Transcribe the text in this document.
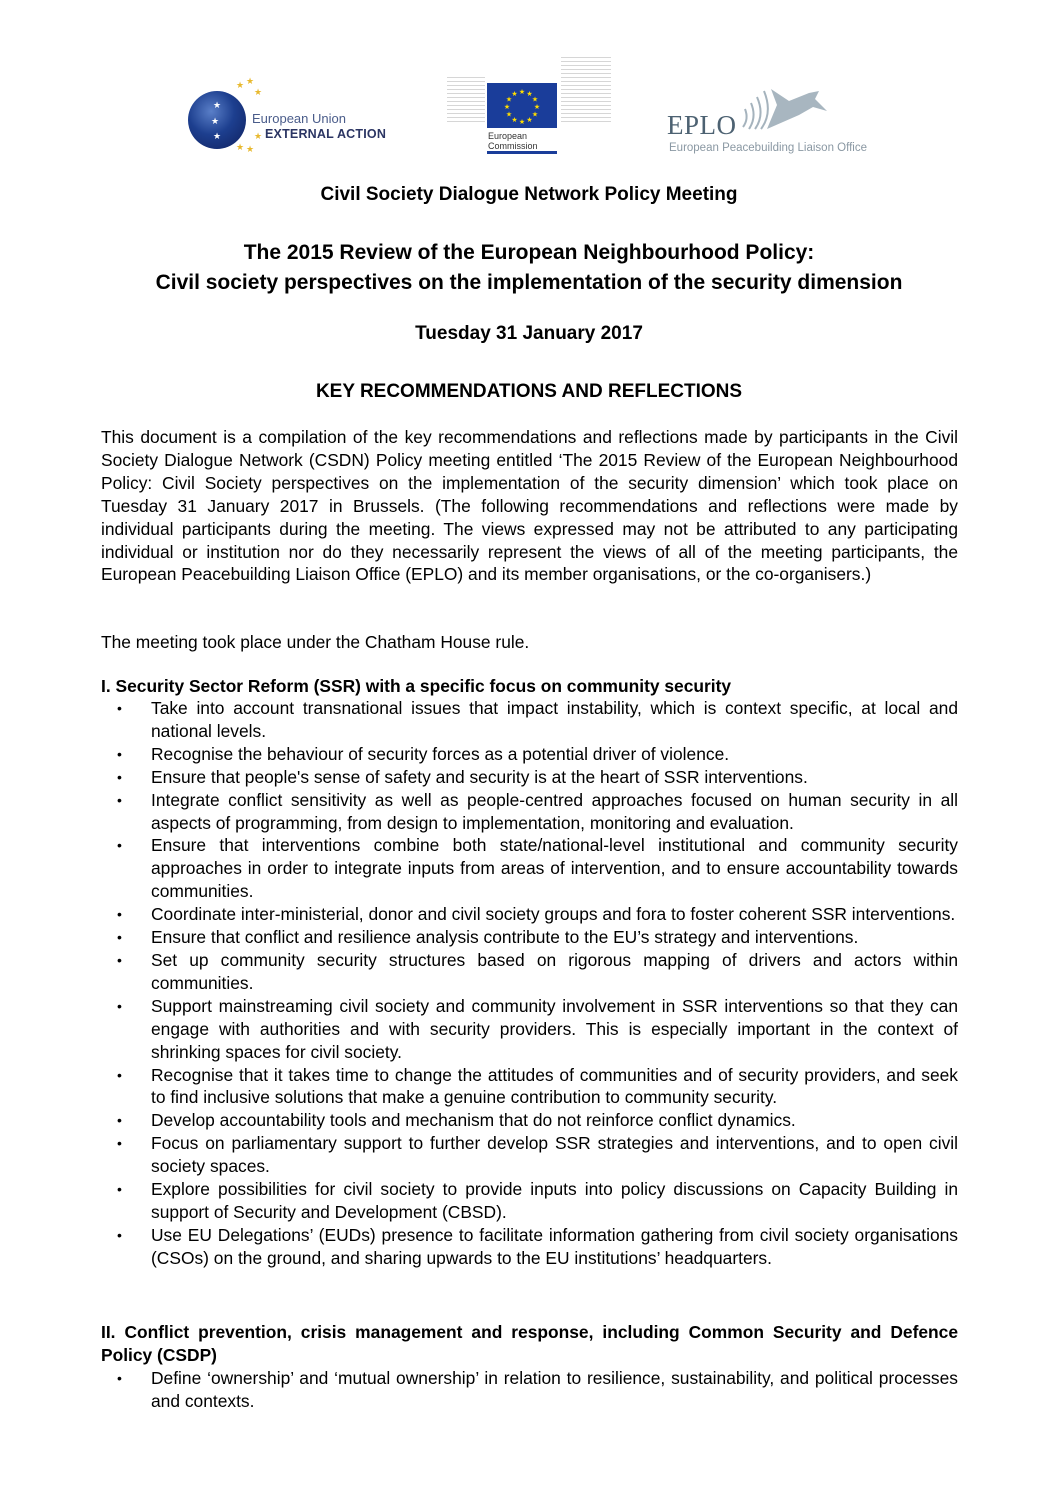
★ ★
★
★
★
★	★
★
★
European Union
EXTERNAL ACTION
★ ★
★
★
★
★
★
★
★
★
★
★
European
Commission
EPLO
European Peacebuilding Liaison Office
Civil Society Dialogue Network Policy Meeting
The 2015 Review of the European Neighbourhood Policy:
Civil society perspectives on the implementation of the security dimension
Tuesday 31 January 2017
KEY RECOMMENDATIONS AND REFLECTIONS

This document is a compilation of the key recommendations and reflections made by participants in the Civil Society Dialogue Network (CSDN) Policy meeting entitled ‘The 2015 Review of the European Neighbourhood Policy: Civil Society perspectives on the implementation of the security dimension’ which took place on Tuesday 31 January 2017 in Brussels. (The following recommendations and reflections were made by individual participants during the meeting. The views expressed may not be attributed to any participating individual or institution nor do they necessarily represent the views of all of the meeting participants, the European Peacebuilding Liaison Office (EPLO) and its member organisations, or the co-organisers.)

The meeting took place under the Chatham House rule.

I. Security Sector Reform (SSR) with a specific focus on community security
• Take into account transnational issues that impact instability, which is context specific, at local and national levels.
• Recognise the behaviour of security forces as a potential driver of violence.
• Ensure that people's sense of safety and security is at the heart of SSR interventions.
• Integrate conflict sensitivity as well as people-centred approaches focused on human security in all aspects of programming, from design to implementation, monitoring and evaluation.
• Ensure that interventions combine both state/national-level institutional and community security approaches in order to integrate inputs from areas of intervention, and to ensure accountability towards communities.
• Coordinate inter-ministerial, donor and civil society groups and fora to foster coherent SSR interventions.
• Ensure that conflict and resilience analysis contribute to the EU’s strategy and interventions.
• Set up community security structures based on rigorous mapping of drivers and actors within communities.
• Support mainstreaming civil society and community involvement in SSR interventions so that they can engage with authorities and with security providers. This is especially important in the context of shrinking spaces for civil society.
• Recognise that it takes time to change the attitudes of communities and of security providers, and seek to find inclusive solutions that make a genuine contribution to community security.
• Develop accountability tools and mechanism that do not reinforce conflict dynamics.
• Focus on parliamentary support to further develop SSR strategies and interventions, and to open civil society spaces.
• Explore possibilities for civil society to provide inputs into policy discussions on Capacity Building in support of Security and Development (CBSD).
• Use EU Delegations’ (EUDs) presence to facilitate information gathering from civil society organisations (CSOs) on the ground, and sharing upwards to the EU institutions’ headquarters.
II. Conflict prevention, crisis management and response, including Common Security and Defence Policy (CSDP)
• Define ‘ownership’ and ‘mutual ownership’ in relation to resilience, sustainability, and political processes and contexts.
